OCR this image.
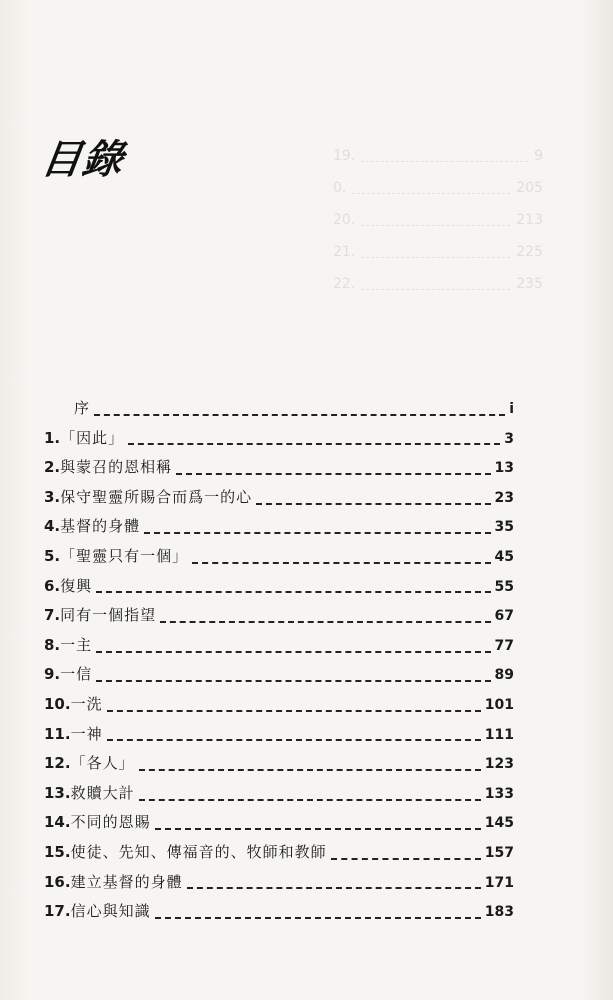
19.	9
0.	205
20.	213
21.	225
22.	235
目錄
序	i
1. 「因此」	3
2. 與蒙召的恩相稱	13
3. 保守聖靈所賜合而爲一的心	23
4. 基督的身體	35
5. 「聖靈只有一個」	45
6. 復興	55
7. 同有一個指望	67
8. 一主	77
9. 一信	89
10. 一洗	101
11. 一神	111
12. 「各人」	123
13. 救贖大計	133
14. 不同的恩賜	145
15. 使徒、先知、傳福音的、牧師和教師	157
16. 建立基督的身體	171
17. 信心與知識	183
